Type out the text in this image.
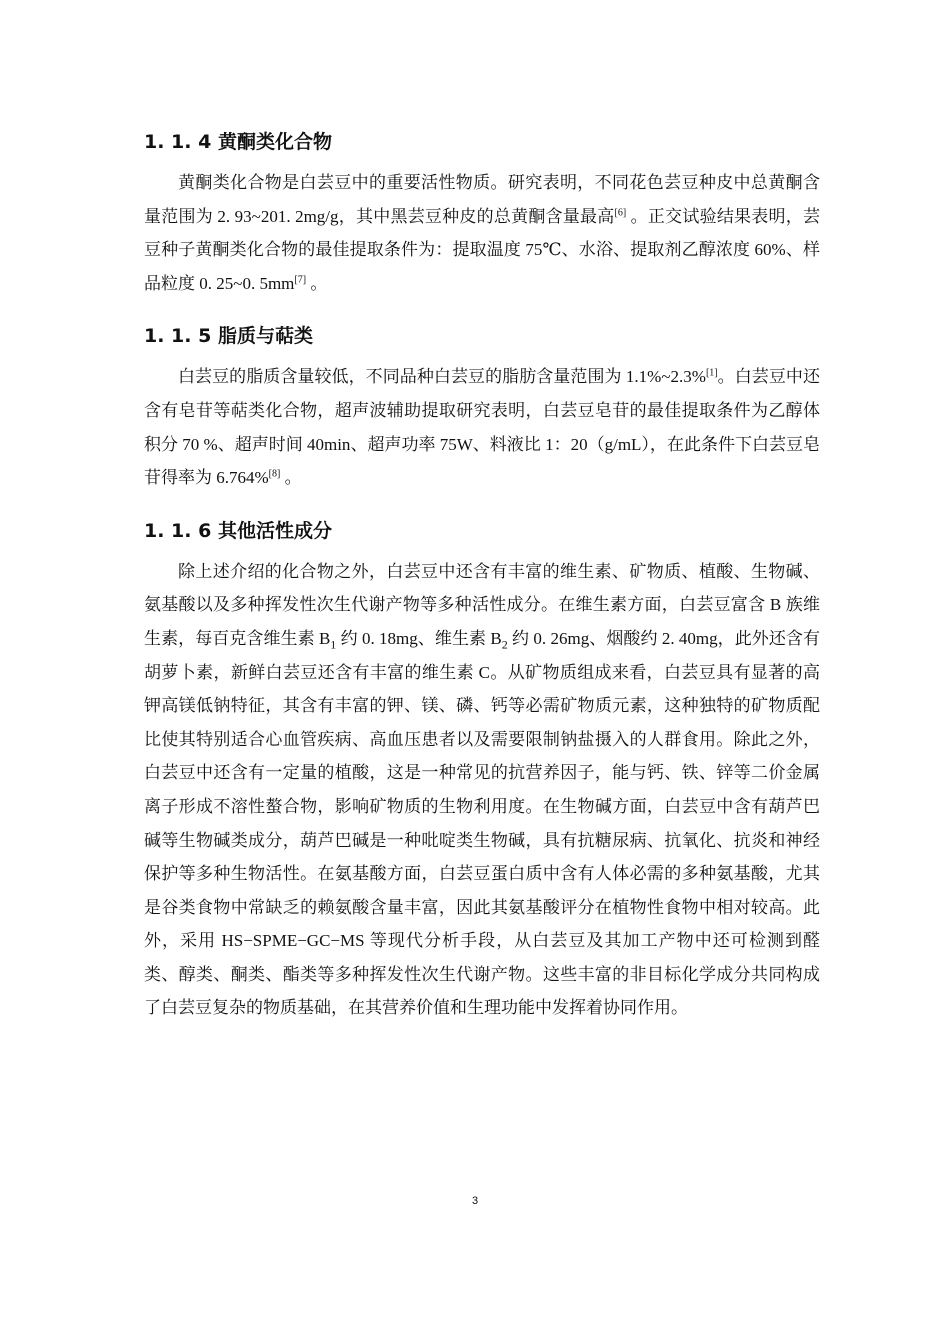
1. 1. 4 黄酮类化合物

黄酮类化合物是白芸豆中的重要活性物质。研究表明，不同花色芸豆种皮中总黄酮含量范围为 2. 93~201. 2mg/g，其中黑芸豆种皮的总黄酮含量最高[6] 。正交试验结果表明，芸豆种子黄酮类化合物的最佳提取条件为：提取温度 75℃、水浴、提取剂乙醇浓度 60%、样品粒度 0. 25~0. 5mm[7] 。

1. 1. 5 脂质与萜类

白芸豆的脂质含量较低，不同品种白芸豆的脂肪含量范围为 1.1%~2.3%[1]。白芸豆中还含有皂苷等萜类化合物，超声波辅助提取研究表明，白芸豆皂苷的最佳提取条件为乙醇体积分 70 %、超声时间 40min、超声功率 75W、料液比 1：20（g/mL），在此条件下白芸豆皂苷得率为 6.764%[8] 。

1. 1. 6 其他活性成分

除上述介绍的化合物之外，白芸豆中还含有丰富的维生素、矿物质、植酸、生物碱、氨基酸以及多种挥发性次生代谢产物等多种活性成分。在维生素方面，白芸豆富含 B 族维生素，每百克含维生素 $B_1$ 约 0. 18mg、维生素 $B_2$ 约 0. 26mg、烟酸约 2. 40mg，此外还含有胡萝卜素，新鲜白芸豆还含有丰富的维生素 C。从矿物质组成来看，白芸豆具有显著的高钾高镁低钠特征，其含有丰富的钾、镁、磷、钙等必需矿物质元素，这种独特的矿物质配比使其特别适合心血管疾病、高血压患者以及需要限制钠盐摄入的人群食用。除此之外，白芸豆中还含有一定量的植酸，这是一种常见的抗营养因子，能与钙、铁、锌等二价金属离子形成不溶性螯合物，影响矿物质的生物利用度。在生物碱方面，白芸豆中含有葫芦巴碱等生物碱类成分，葫芦巴碱是一种吡啶类生物碱，具有抗糖尿病、抗氧化、抗炎和神经保护等多种生物活性。在氨基酸方面，白芸豆蛋白质中含有人体必需的多种氨基酸，尤其是谷类食物中常缺乏的赖氨酸含量丰富，因此其氨基酸评分在植物性食物中相对较高。此外，采用 HS−SPME−GC−MS 等现代分析手段，从白芸豆及其加工产物中还可检测到醛类、醇类、酮类、酯类等多种挥发性次生代谢产物。这些丰富的非目标化学成分共同构成了白芸豆复杂的物质基础，在其营养价值和生理功能中发挥着协同作用。

3
